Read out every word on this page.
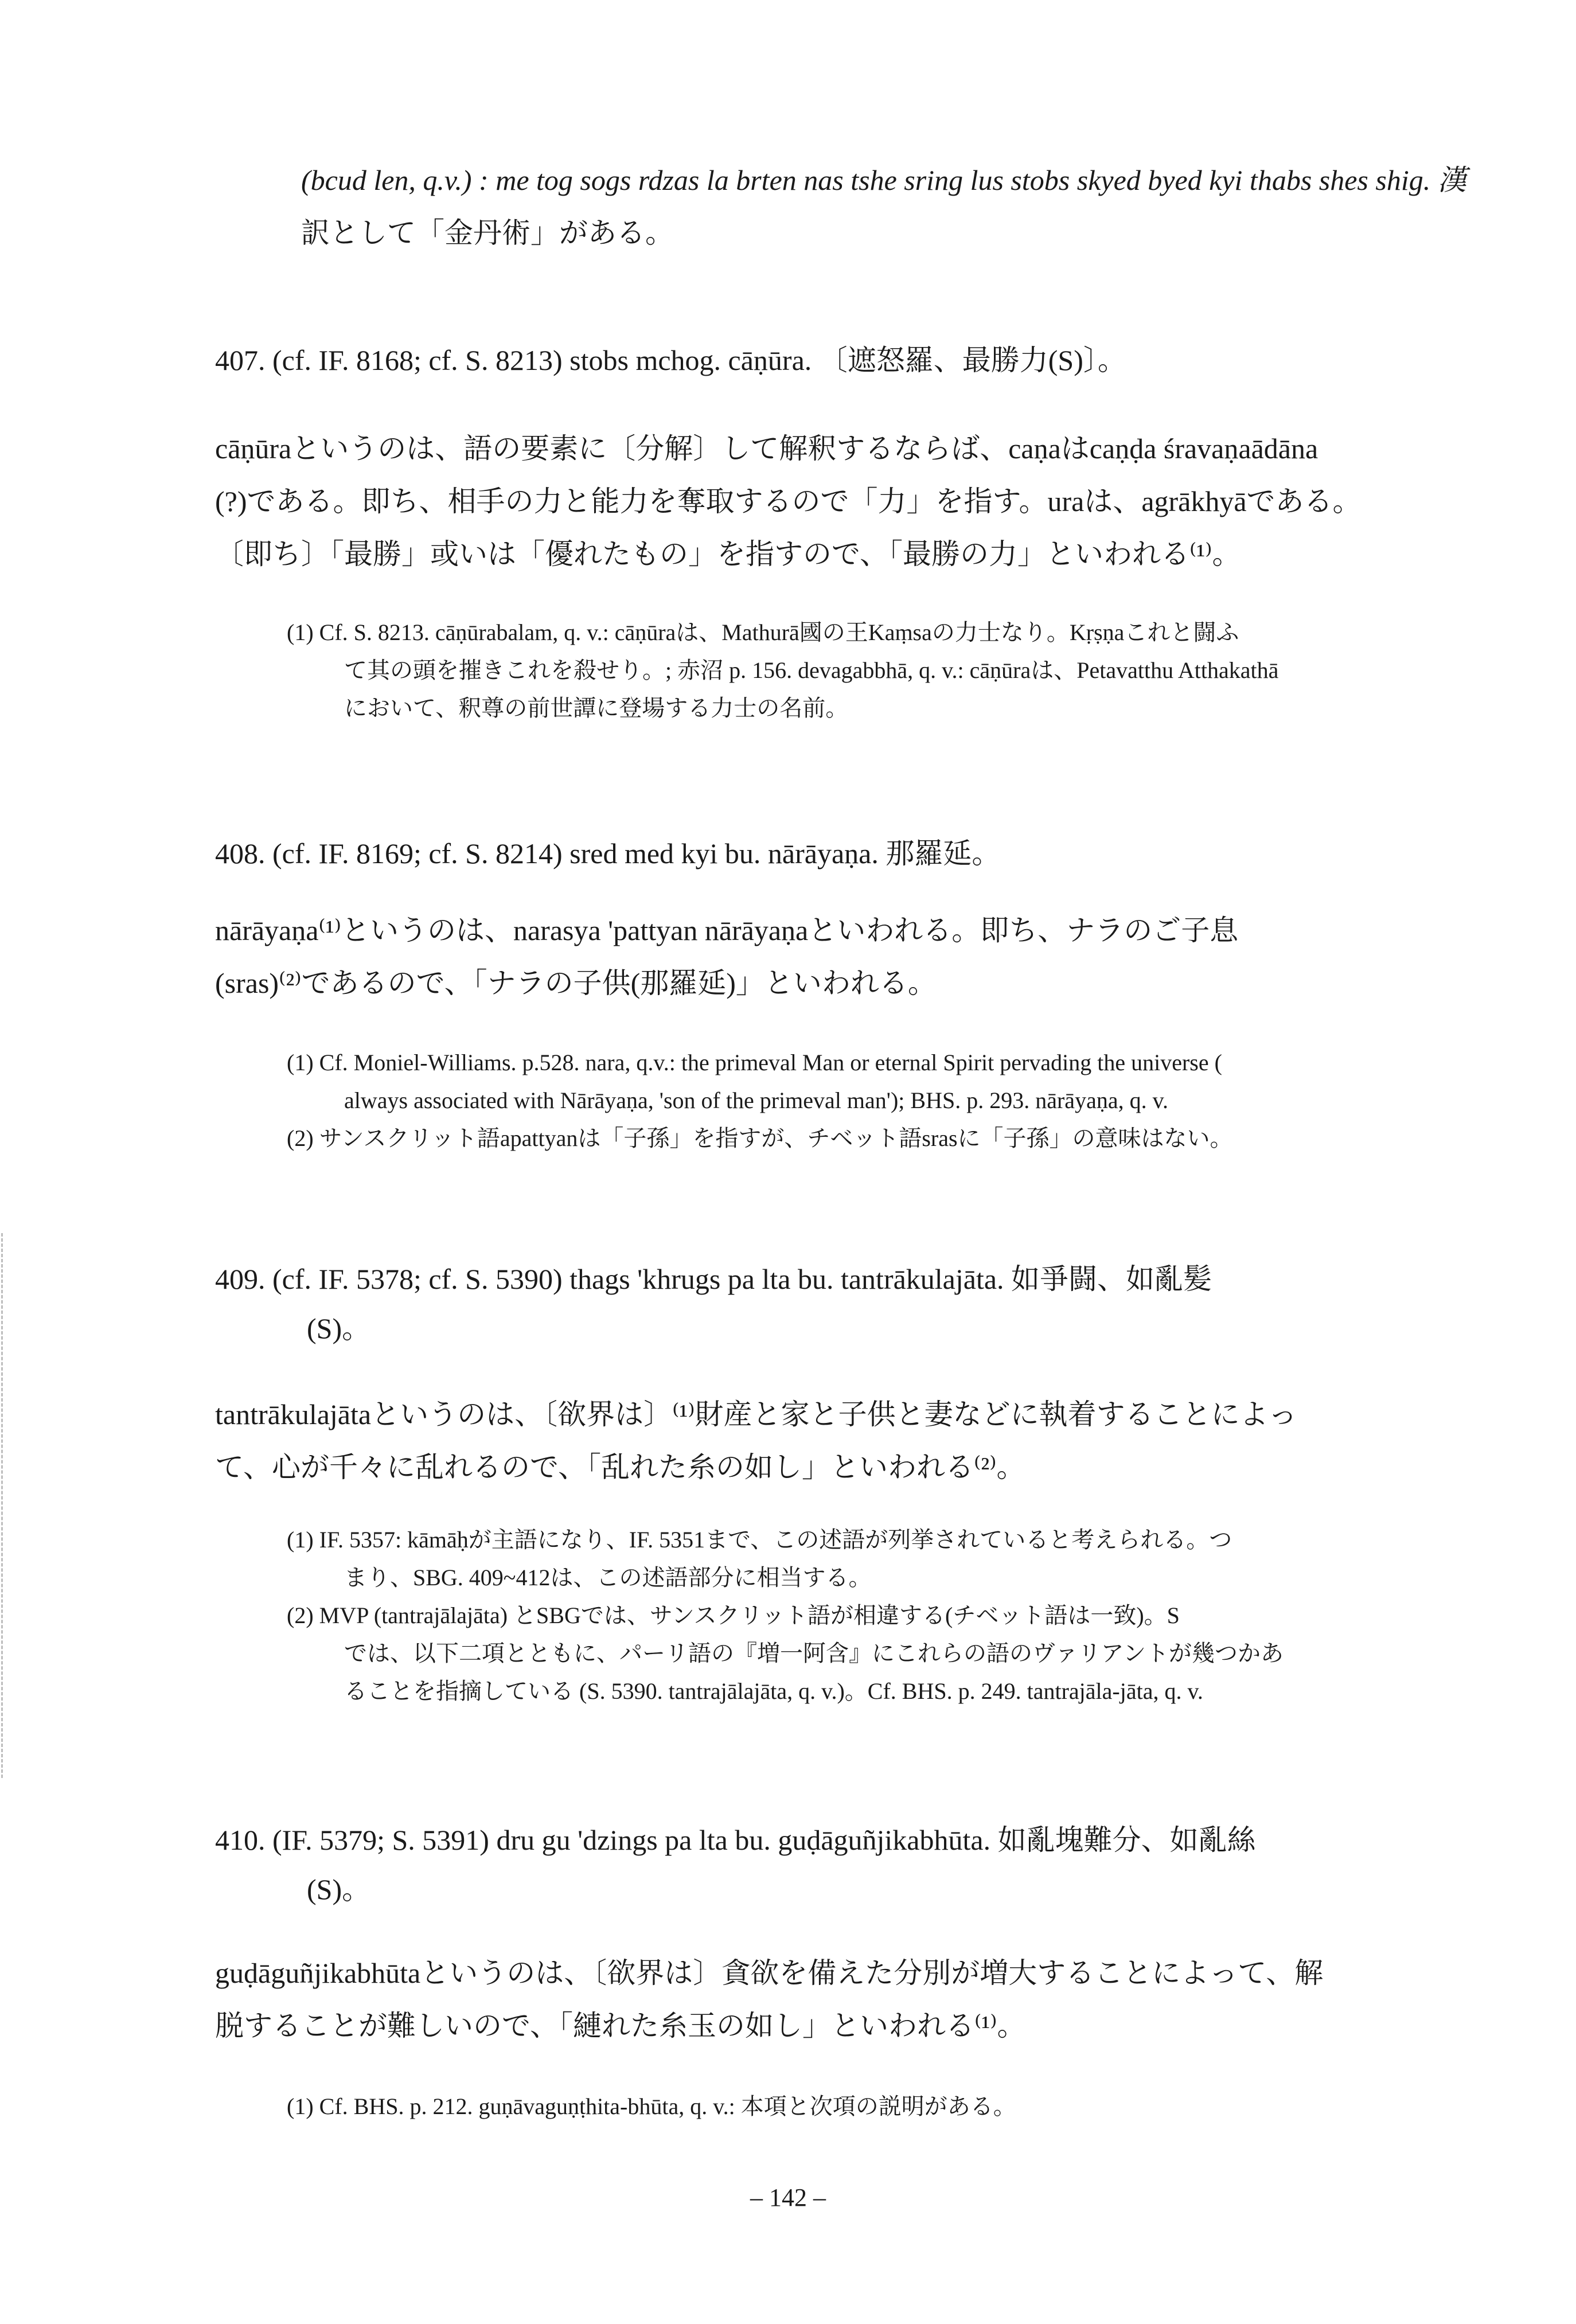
(bcud len, q.v.) : me tog sogs rdzas la brten nas tshe sring lus stobs skyed byed kyi thabs shes shig. 漢
訳として「金丹術」がある。
407. (cf. IF. 8168; cf. S. 8213) stobs mchog. cāṇūra. 〔遮怒羅、最勝力(S)〕。
cāṇūraというのは、語の要素に〔分解〕して解釈するならば、caṇaはcaṇḍa śravaṇaādāna
(?)である。即ち、相手の力と能力を奪取するので「力」を指す。uraは、agrākhyāである。
〔即ち〕「最勝」或いは「優れたもの」を指すので、「最勝の力」といわれる⁽¹⁾。
(1) Cf. S. 8213. cāṇūrabalam, q. v.: cāṇūraは、Mathurā國の王Kaṃsaの力士なり。Kṛṣṇaこれと闘ふ
て其の頭を摧きこれを殺せり。; 赤沼 p. 156. devagabbhā, q. v.: cāṇūraは、Petavatthu Atthakathā
において、釈尊の前世譚に登場する力士の名前。
408. (cf. IF. 8169; cf. S. 8214) sred med kyi bu. nārāyaṇa. 那羅延。
nārāyaṇa⁽¹⁾というのは、narasya 'pattyan nārāyaṇaといわれる。即ち、ナラのご子息
(sras)⁽²⁾であるので、「ナラの子供(那羅延)」といわれる。
(1) Cf. Moniel-Williams. p.528. nara, q.v.: the primeval Man or eternal Spirit pervading the universe (
always associated with Nārāyaṇa, 'son of the primeval man'); BHS. p. 293. nārāyaṇa, q. v.
(2) サンスクリット語apattyanは「子孫」を指すが、チベット語srasに「子孫」の意味はない。
409. (cf. IF. 5378; cf. S. 5390) thags 'khrugs pa lta bu. tantrākulajāta. 如爭闘、如亂髪
(S)。
tantrākulajātaというのは、〔欲界は〕⁽¹⁾財産と家と子供と妻などに執着することによっ
て、心が千々に乱れるので、「乱れた糸の如し」といわれる⁽²⁾。
(1) IF. 5357: kāmāḥが主語になり、IF. 5351まで、この述語が列挙されていると考えられる。つ
まり、SBG. 409~412は、この述語部分に相当する。
(2) MVP (tantrajālajāta) とSBGでは、サンスクリット語が相違する(チベット語は一致)。S
では、以下二項とともに、パーリ語の『増一阿含』にこれらの語のヴァリアントが幾つかあ
ることを指摘している (S. 5390. tantrajālajāta, q. v.)。Cf. BHS. p. 249. tantrajāla-jāta, q. v.
410. (IF. 5379; S. 5391) dru gu 'dzings pa lta bu. guḍāguñjikabhūta. 如亂塊難分、如亂絲
(S)。
guḍāguñjikabhūtaというのは、〔欲界は〕貪欲を備えた分別が増大することによって、解
脱することが難しいので、「縺れた糸玉の如し」といわれる⁽¹⁾。
(1) Cf. BHS. p. 212. guṇāvaguṇṭhita-bhūta, q. v.: 本項と次項の説明がある。
– 142 –
